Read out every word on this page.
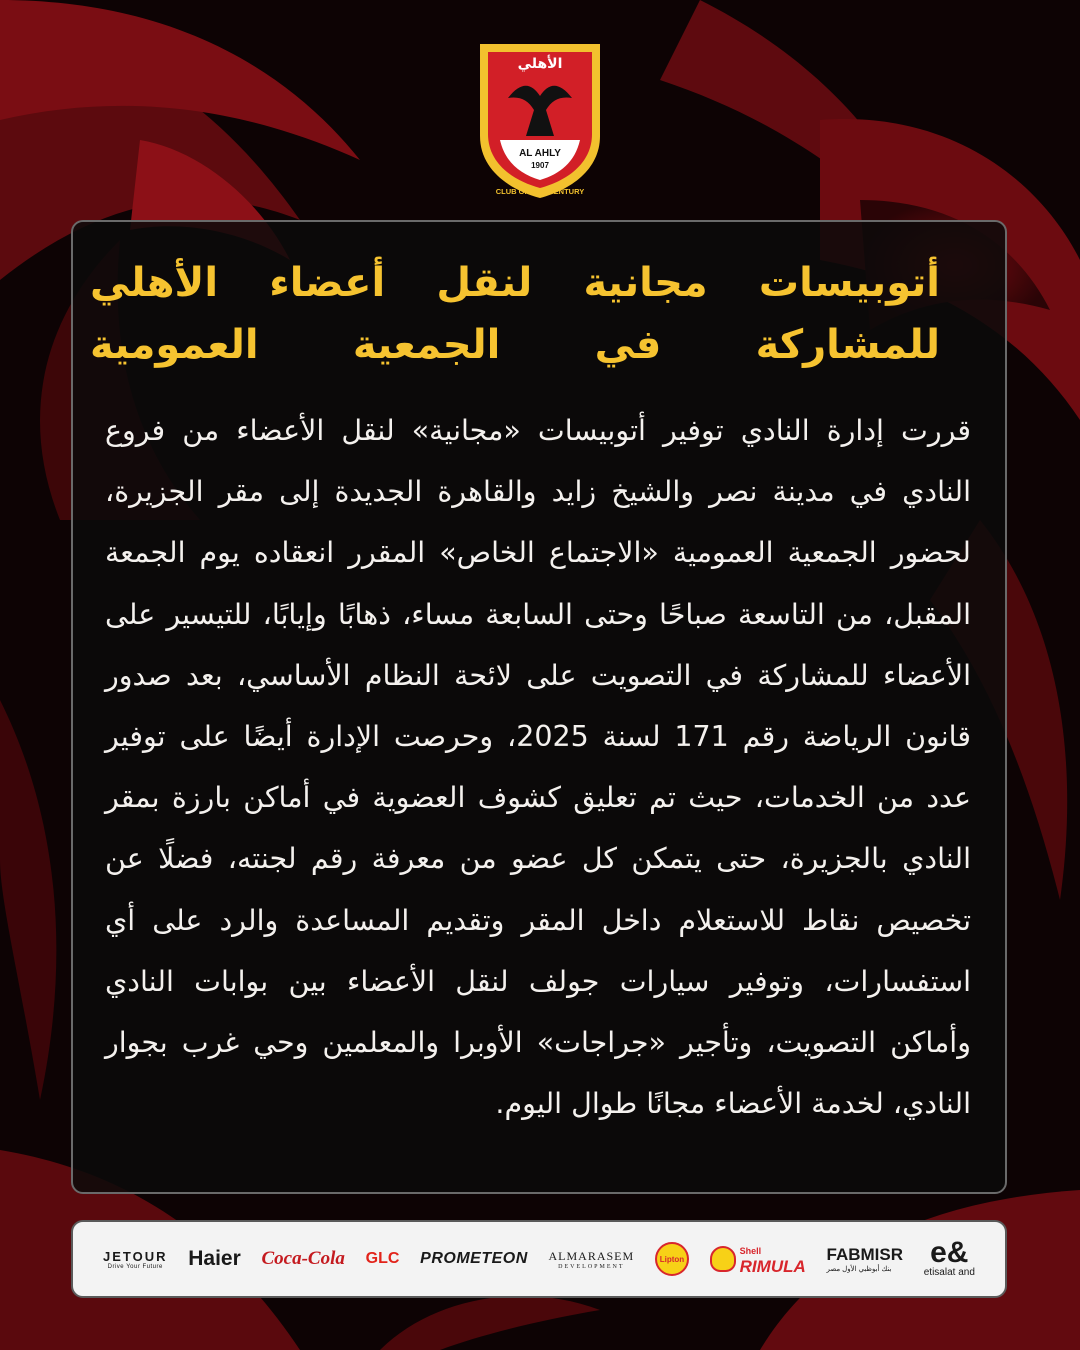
الأهلي
AL AHLY
1907
CLUB OF THE CENTURY
أتوبيسات مجانية لنقل أعضاء الأهلي
للمشاركة في الجمعية العمومية

قررت إدارة النادي توفير أتوبيسات «مجانية» لنقل الأعضاء من فروع النادي في مدينة نصر والشيخ زايد والقاهرة الجديدة إلى مقر الجزيرة، لحضور الجمعية العمومية «الاجتماع الخاص» المقرر انعقاده يوم الجمعة المقبل، من التاسعة صباحًا وحتى السابعة مساء، ذهابًا وإيابًا، للتيسير على الأعضاء للمشاركة في التصويت على لائحة النظام الأساسي، بعد صدور قانون الرياضة رقم 171 لسنة 2025، وحرصت الإدارة أيضًا على توفير عدد من الخدمات، حيث تم تعليق كشوف العضوية في أماكن بارزة بمقر النادي بالجزيرة، حتى يتمكن كل عضو من معرفة رقم لجنته، فضلًا عن تخصيص نقاط للاستعلام داخل المقر وتقديم المساعدة والرد على أي استفسارات، وتوفير سيارات جولف لنقل الأعضاء بين بوابات النادي وأماكن التصويت، وتأجير «جراجات» الأوبرا والمعلمين وحي غرب بجوار النادي، لخدمة الأعضاء مجانًا طوال اليوم.

JETOUR
Drive Your Future Haier Coca-Cola GLC PROMETEON ALMARASEM
DEVELOPMENT
Lipton
Shell
RIMULA
FABMISR
بنك أبوظبي الأول مصر
e&
etisalat and
